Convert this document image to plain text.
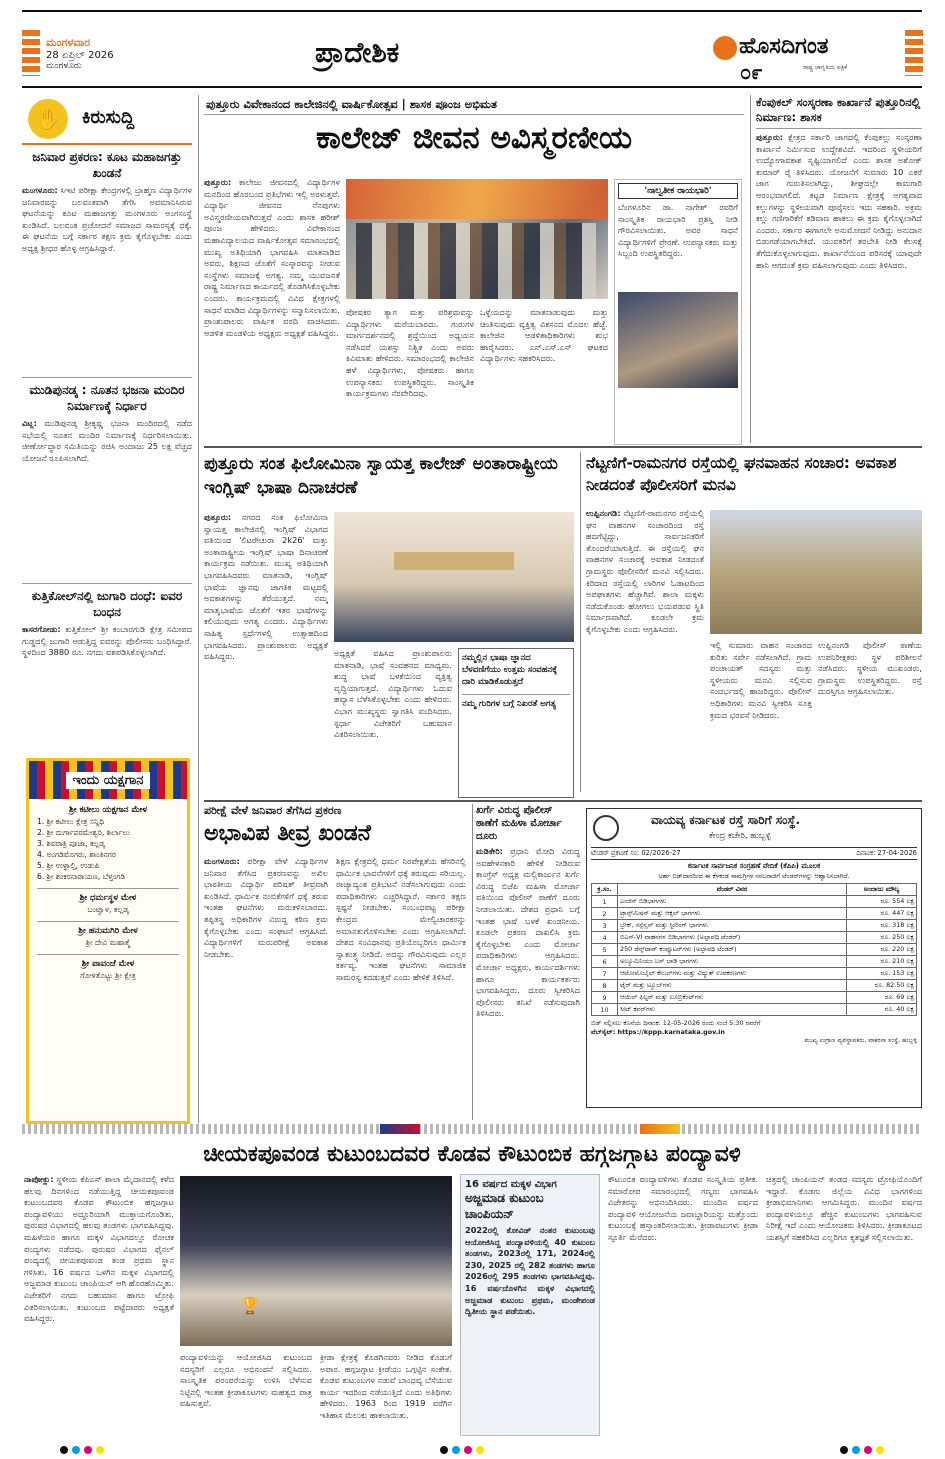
ಮಂಗಳವಾರ
28 ಏಪ್ರಿಲ್ 2026
ಮಂಗಳೂರು	ಪ್ರಾದೇಶಿಕ	ಹೊಸದಿಗಂತ
ರಾಷ್ಟ್ರ ಜಾಗೃತಿಯ ಪತ್ರಿಕೆ
೦೯
✋	ಕಿರುಸುದ್ದಿ
ಜನಿವಾರ ಪ್ರಕರಣ: ಕೂಟ ಮಹಾಜಗತ್ತು ಖಂಡನೆ
ಮಂಗಳೂರು: ಸಿಇಟಿ ಪರೀಕ್ಷಾ ಕೇಂದ್ರಗಳಲ್ಲಿ ಬ್ರಾಹ್ಮಣ ವಿದ್ಯಾರ್ಥಿಗಳ ಜನಿವಾರವನ್ನು ಬಲವಂತವಾಗಿ ತೆಗೆಸಿ ಅವಮಾನಿಸಿರುವ ಘಟನೆಯನ್ನು ಕೂಟ ಮಹಾಜಗತ್ತು ಮಂಗಳೂರು ಅಂಗಸಂಸ್ಥೆ ಖಂಡಿಸಿದೆ. ಬಲವಂತ ಪ್ರಚೋದನೆ ಸಮಾಜದ ಸಾಮರಸ್ಯಕ್ಕೆ ಧಕ್ಕೆ. ಈ ಘಟನೆಯ ಬಗ್ಗೆ ಸರ್ಕಾರ ತಕ್ಷಣ ಕ್ರಮ ಕೈಗೊಳ್ಳಬೇಕು ಎಂದು ಅಧ್ಯಕ್ಷ ಶ್ರೀಧರ ಹೊಳ್ಳ ಆಗ್ರಹಿಸಿದ್ದಾರೆ.
ಮುಡಿಪುನಡ್ಕ : ನೂತನ ಭಜನಾ ಮಂದಿರ ನಿರ್ಮಾಣಕ್ಕೆ ನಿರ್ಧಾರ
ವಿಟ್ಲ: ಮುಡಿಪುನಡ್ಕ ಶ್ರೀಕೃಷ್ಣ ಭಜನಾ ಮಂದಿರದಲ್ಲಿ ನಡೆದ ಸಭೆಯಲ್ಲಿ ನೂತನ ಮಂದಿರ ನಿರ್ಮಾಣಕ್ಕೆ ನಿರ್ಧರಿಸಲಾಯಿತು. ಜೀರ್ಣೋದ್ಧಾರ ಸಮಿತಿಯನ್ನು ರಚಿಸಿ ಅಂದಾಜು 25 ಲಕ್ಷ ವೆಚ್ಚದ ಯೋಜನೆ ರೂಪಿಸಲಾಗಿದೆ.
ಕುತ್ತಿಕೋಲ್‌ನಲ್ಲಿ ಜುಗಾರಿ ದಂಧೆ: ಐವರ ಬಂಧನ
ಕಾಸರಗೋಡು: ಕುತ್ತಿಕೋಲ್ ಶ್ರೀ ಕಂಬಾರಗುಡಿ ಕ್ಷೇತ್ರ ಸಮೀಪದ ಗುಡ್ಡದಲ್ಲಿ ಜುಗಾರಿ ಆಡುತ್ತಿದ್ದ ಐವರನ್ನು ಪೊಲೀಸರು ಬಂಧಿಸಿದ್ದಾರೆ. ಸ್ಥಳದಿಂದ 3880 ರೂ. ನಗದು ವಶಪಡಿಸಿಕೊಳ್ಳಲಾಗಿದೆ.
ಇಂದು ಯಕ್ಷಗಾನ
ಶ್ರೀ ಕಟೀಲು ಯಕ್ಷಗಾನ ಮೇಳ
1. ಶ್ರೀ ಕಟೀಲು ಕ್ಷೇತ್ರ ಸನ್ನಿಧಿ
2. ಶ್ರೀ ದುರ್ಗಾಪರಮೇಶ್ವರಿ, ಶಿರ್ಲಾಲು
3. ಶಿವರಾತ್ರಿ ಪೂಜಾ, ಕಲ್ಲಡ್ಕ
4. ಅಂಗಡಿಮೊಗರು, ಶಾಂತಿನಗರ
5. ಶ್ರೀ ಉಳ್ಳಾಲ್ತಿ, ಉಡುಪಿ
6. ಶ್ರೀ ಶಂಕರನಾರಾಯಣ, ಬೆಳ್ತಂಗಡಿ
ಶ್ರೀ ಧರ್ಮಸ್ಥಳ ಮೇಳ
ಬಂಟ್ವಾಳ, ಕಲ್ಲಡ್ಕ
ಶ್ರೀ ಹನುಮಗಿರಿ ಮೇಳ
ಶ್ರೀ ದೇವಿ ಮಹಾತ್ಮೆ
ಶ್ರೀ ಪಾವಂಜೆ ಮೇಳ
ಗೋಳಿತೊಟ್ಟು ಶ್ರೀ ಕ್ಷೇತ್ರ
ಪುತ್ತೂರು ವಿವೇಕಾನಂದ ಕಾಲೇಜಿನಲ್ಲಿ ವಾರ್ಷಿಕೋತ್ಸವ | ಶಾಸಕ ಪೂಂಜ ಅಭಿಮತ
ಕಾಲೇಜ್ ಜೀವನ ಅವಿಸ್ಮರಣೀಯ
ಪುತ್ತೂರು: ಕಾಲೇಜು ಜೀವನದಲ್ಲಿ ವಿದ್ಯಾರ್ಥಿಗಳ ಮನದಿಂದ ಹೊರಬಂದ ಪ್ರತಿಭೆಗಳು ಇಲ್ಲಿ ಅರಳುತ್ತವೆ. ವಿದ್ಯಾರ್ಥಿ ಜೀವನದ ನೆನಪುಗಳು ಅವಿಸ್ಮರಣೀಯವಾಗಿರುತ್ತವೆ ಎಂದು ಶಾಸಕ ಹರೀಶ್ ಪೂಂಜ ಹೇಳಿದರು. ವಿವೇಕಾನಂದ ಮಹಾವಿದ್ಯಾಲಯದ ವಾರ್ಷಿಕೋತ್ಸವ ಸಮಾರಂಭದಲ್ಲಿ ಮುಖ್ಯ ಅತಿಥಿಯಾಗಿ ಭಾಗವಹಿಸಿ ಮಾತನಾಡಿದ ಅವರು, ಶಿಕ್ಷಣದ ಜೊತೆಗೆ ಸಂಸ್ಕಾರವನ್ನು ನೀಡುವ ಸಂಸ್ಥೆಗಳು ಸಮಾಜಕ್ಕೆ ಅಗತ್ಯ. ನಮ್ಮ ಯುವಜನತೆ ರಾಷ್ಟ್ರ ನಿರ್ಮಾಣದ ಕಾರ್ಯದಲ್ಲಿ ತೊಡಗಿಸಿಕೊಳ್ಳಬೇಕು ಎಂದರು. ಕಾರ್ಯಕ್ರಮದಲ್ಲಿ ವಿವಿಧ ಕ್ಷೇತ್ರಗಳಲ್ಲಿ ಸಾಧನೆ ಮಾಡಿದ ವಿದ್ಯಾರ್ಥಿಗಳನ್ನು ಸನ್ಮಾನಿಸಲಾಯಿತು. ಪ್ರಾಂಶುಪಾಲರು ವಾರ್ಷಿಕ ವರದಿ ವಾಚಿಸಿದರು. ಆಡಳಿತ ಮಂಡಳಿಯ ಅಧ್ಯಕ್ಷರು ಅಧ್ಯಕ್ಷತೆ ವಹಿಸಿದ್ದರು.
ಪೋಷಕರ ತ್ಯಾಗ ಮತ್ತು ಪರಿಶ್ರಮವನ್ನು ವಿದ್ಯಾರ್ಥಿಗಳು ಮರೆಯಬಾರದು. ಗುರುಗಳ ಮಾರ್ಗದರ್ಶನದಲ್ಲಿ ಶ್ರದ್ಧೆಯಿಂದ ಅಧ್ಯಯನ ನಡೆಸಿದರೆ ಯಶಸ್ಸು ನಿಶ್ಚಿತ ಎಂದು ಅವರು ಕಿವಿಮಾತು ಹೇಳಿದರು. ಸಮಾರಂಭದಲ್ಲಿ ಕಾಲೇಜಿನ ಹಳೆ ವಿದ್ಯಾರ್ಥಿಗಳು, ಪೋಷಕರು ಹಾಗೂ ಉಪನ್ಯಾಸಕರು ಉಪಸ್ಥಿತರಿದ್ದರು. ಸಾಂಸ್ಕೃತಿಕ ಕಾರ್ಯಕ್ರಮಗಳು ನೆರವೇರಿದವು.
ಒಳ್ಳೆಯದನ್ನು ಮಾತನಾಡುವುದು ಮತ್ತು ಚಿಂತಿಸುವುದು ವ್ಯಕ್ತಿತ್ವ ವಿಕಸನದ ಮೊದಲ ಹೆಜ್ಜೆ. ಕಾಲೇಜಿನ ಆಡಳಿತಾಧಿಕಾರಿಗಳು ಶುಭ ಹಾರೈಸಿದರು. ಎನ್.ಎಸ್.ಎಸ್ ಘಟಕದ ವಿದ್ಯಾರ್ಥಿಗಳು ಸಹಕರಿಸಿದರು.
'ನಾಲ್ವತೀಕ ರಾಯಭಾರಿ'
ಬೆಂಗಳೂರಿನ ಡಾ. ನಾಗೇಶ್ ರವರಿಗೆ ಸಾಂಸ್ಕೃತಿಕ ರಾಯಭಾರಿ ಪ್ರಶಸ್ತಿ ನೀಡಿ ಗೌರವಿಸಲಾಯಿತು. ಅವರ ಸಾಧನೆ ವಿದ್ಯಾರ್ಥಿಗಳಿಗೆ ಪ್ರೇರಣೆ. ಉಪನ್ಯಾಸಕರು ಮತ್ತು ಸಿಬ್ಬಂದಿ ಉಪಸ್ಥಿತರಿದ್ದರು.
ಕೆಂಪುಕಲ್ ಸಂಸ್ಕರಣಾ ಕಾರ್ಖಾನೆ ಪುತ್ತೂರಿನಲ್ಲಿ ನಿರ್ಮಾಣ: ಶಾಸಕ
ಪುತ್ತೂರು: ಕ್ಷೇತ್ರದ ಸರ್ಕಾರಿ ಜಾಗದಲ್ಲಿ ಕೆಂಪುಕಲ್ಲು ಸಂಸ್ಕರಣಾ ಕಾರ್ಖಾನೆ ನಿರ್ಮಿಸುವ ಉದ್ದೇಶವಿದೆ. ಇದರಿಂದ ಸ್ಥಳೀಯರಿಗೆ ಉದ್ಯೋಗಾವಕಾಶ ಸೃಷ್ಟಿಯಾಗಲಿದೆ ಎಂದು ಶಾಸಕ ಅಶೋಕ್ ಕುಮಾರ್ ರೈ ತಿಳಿಸಿದರು. ಯೋಜನೆಗೆ ಸುಮಾರು 10 ಎಕರೆ ಜಾಗ ಗುರುತಿಸಲಾಗಿದ್ದು, ಶೀಘ್ರದಲ್ಲೇ ಕಾಮಗಾರಿ ಆರಂಭವಾಗಲಿದೆ. ಕಟ್ಟಡ ನಿರ್ಮಾಣ ಕ್ಷೇತ್ರಕ್ಕೆ ಅಗತ್ಯವಾದ ಕಲ್ಲುಗಳನ್ನು ಸ್ಥಳೀಯವಾಗಿ ಪೂರೈಸಲು ಇದು ಸಹಕಾರಿ. ಅಕ್ರಮ ಕಲ್ಲು ಗಣಿಗಾರಿಕೆಗೆ ಕಡಿವಾಣ ಹಾಕಲು ಈ ಕ್ರಮ ಕೈಗೊಳ್ಳಲಾಗಿದೆ ಎಂದರು. ಸರ್ಕಾರ ಈಗಾಗಲೇ ಅನುಮೋದನೆ ನೀಡಿದ್ದು ಅನುದಾನ ಬಿಡುಗಡೆಯಾಗಬೇಕಿದೆ. ಯುವಕರಿಗೆ ತರಬೇತಿ ನೀಡಿ ಕೆಲಸಕ್ಕೆ ತೆಗೆದುಕೊಳ್ಳಲಾಗುವುದು. ಕಾರ್ಖಾನೆಯಿಂದ ಪರಿಸರಕ್ಕೆ ಯಾವುದೇ ಹಾನಿ ಆಗದಂತೆ ಕ್ರಮ ವಹಿಸಲಾಗುವುದು ಎಂದು ತಿಳಿಸಿದರು.
ಪುತ್ತೂರು ಸಂತ ಫಿಲೋಮಿನಾ ಸ್ವಾಯತ್ತ ಕಾಲೇಜ್ ಅಂತಾರಾಷ್ಟ್ರೀಯ ಇಂಗ್ಲಿಷ್ ಭಾಷಾ ದಿನಾಚರಣೆ
ಪುತ್ತೂರು: ನಗರದ ಸಂತ ಫಿಲೋಮಿನಾ ಸ್ವಾಯತ್ತ ಕಾಲೇಜಿನಲ್ಲಿ ಇಂಗ್ಲಿಷ್ ವಿಭಾಗದ ವತಿಯಿಂದ 'ಲಿಟರೇಚುರಾ 2k26' ಮತ್ತು ಅಂತಾರಾಷ್ಟ್ರೀಯ ಇಂಗ್ಲಿಷ್ ಭಾಷಾ ದಿನಾಚರಣೆ ಕಾರ್ಯಕ್ರಮ ನಡೆಯಿತು. ಮುಖ್ಯ ಅತಿಥಿಯಾಗಿ ಭಾಗವಹಿಸಿದವರು ಮಾತನಾಡಿ, ಇಂಗ್ಲಿಷ್ ಭಾಷೆಯ ಜ್ಞಾನವು ಜಾಗತಿಕ ಮಟ್ಟದಲ್ಲಿ ಅವಕಾಶಗಳನ್ನು ತೆರೆಯುತ್ತದೆ. ನಮ್ಮ ಮಾತೃಭಾಷೆಯ ಜೊತೆಗೆ ಇತರ ಭಾಷೆಗಳನ್ನು ಕಲಿಯುವುದು ಅಗತ್ಯ ಎಂದರು. ವಿದ್ಯಾರ್ಥಿಗಳು ಸಾಹಿತ್ಯ ಸ್ಪರ್ಧೆಗಳಲ್ಲಿ ಉತ್ಸಾಹದಿಂದ ಭಾಗವಹಿಸಿದರು. ಪ್ರಾಂಶುಪಾಲರು ಅಧ್ಯಕ್ಷತೆ ವಹಿಸಿದ್ದರು.	ಅಧ್ಯಕ್ಷತೆ ವಹಿಸಿದ ಪ್ರಾಂಶುಪಾಲರು ಮಾತನಾಡಿ, ಭಾಷೆ ಸಂವಹನದ ಮಾಧ್ಯಮ. ಶುದ್ಧ ಭಾಷೆ ಬಳಕೆಯಿಂದ ವ್ಯಕ್ತಿತ್ವ ವೃದ್ಧಿಯಾಗುತ್ತದೆ. ವಿದ್ಯಾರ್ಥಿಗಳು ಓದುವ ಹವ್ಯಾಸ ಬೆಳೆಸಿಕೊಳ್ಳಬೇಕು ಎಂದು ಹೇಳಿದರು. ವಿಭಾಗ ಮುಖ್ಯಸ್ಥರು ಸ್ವಾಗತಿಸಿ ವಂದಿಸಿದರು. ಸ್ಪರ್ಧಾ ವಿಜೇತರಿಗೆ ಬಹುಮಾನ ವಿತರಿಸಲಾಯಿತು.
ನಮ್ಮಲ್ಲಿನ ಭಾಷಾ ಜ್ಞಾನದ ಬೆಳವಣಿಗೆಯು ಉತ್ತಮ ಸಂವಹನಕ್ಕೆ ದಾರಿ ಮಾಡಿಕೊಡುತ್ತದೆ
ನಮ್ಮ ಗುರಿಗಳ ಬಗ್ಗೆ ನಿಖರತೆ ಅಗತ್ಯ
ನೆಟ್ಟಣಿಗೆ-ರಾಮನಗರ ರಸ್ತೆಯಲ್ಲಿ ಘನವಾಹನ ಸಂಚಾರ: ಅವಕಾಶ ನೀಡದಂತೆ ಪೊಲೀಸರಿಗೆ ಮನವಿ
ಉಪ್ಪಿನಂಗಡಿ: ನೆಟ್ಟಣಿಗೆ-ರಾಮನಗರ ರಸ್ತೆಯಲ್ಲಿ ಘನ ವಾಹನಗಳ ಸಂಚಾರದಿಂದ ರಸ್ತೆ ಹದಗೆಟ್ಟಿದ್ದು, ಸಾರ್ವಜನಿಕರಿಗೆ ತೊಂದರೆಯಾಗುತ್ತಿದೆ. ಈ ರಸ್ತೆಯಲ್ಲಿ ಘನ ವಾಹನಗಳ ಸಂಚಾರಕ್ಕೆ ಅವಕಾಶ ನೀಡದಂತೆ ಗ್ರಾಮಸ್ಥರು ಪೊಲೀಸರಿಗೆ ಮನವಿ ಸಲ್ಲಿಸಿದರು. ಕಿರಿದಾದ ರಸ್ತೆಯಲ್ಲಿ ಲಾರಿಗಳ ಓಡಾಟದಿಂದ ಅಪಘಾತಗಳು ಹೆಚ್ಚಾಗಿವೆ. ಶಾಲಾ ಮಕ್ಕಳು ನಡೆದುಕೊಂಡು ಹೋಗಲು ಭಯಪಡುವ ಸ್ಥಿತಿ ನಿರ್ಮಾಣವಾಗಿದೆ. ಕೂಡಲೇ ಕ್ರಮ ಕೈಗೊಳ್ಳಬೇಕು ಎಂದು ಆಗ್ರಹಿಸಿದರು.
ಇಲ್ಲಿ ಸುಮಾರು ವಾಹನ ಸಂಚಾರದ ಕುರಿತು ಸರ್ವೇ ನಡೆಸಲಾಗಿದೆ. ಗ್ರಾಮ ಪಂಚಾಯತ್ ಸದಸ್ಯರು ಮತ್ತು ಸ್ಥಳೀಯರು ಮನವಿ ಸಲ್ಲಿಸುವ ಸಂದರ್ಭದಲ್ಲಿ ಹಾಜರಿದ್ದರು. ಪೊಲೀಸ್ ಅಧಿಕಾರಿಗಳು ಮನವಿ ಸ್ವೀಕರಿಸಿ ಸೂಕ್ತ ಕ್ರಮದ ಭರವಸೆ ನೀಡಿದರು.
ಉಪ್ಪಿನಂಗಡಿ ಪೊಲೀಸ್ ಠಾಣೆಯ ಉಪನಿರೀಕ್ಷಕರು ಸ್ಥಳ ಪರಿಶೀಲನೆ ನಡೆಸಿದರು. ಸ್ಥಳೀಯ ಮುಖಂಡರು, ಗ್ರಾಮಸ್ಥರು ಉಪಸ್ಥಿತರಿದ್ದರು. ರಸ್ತೆ ದುರಸ್ತಿಗೂ ಆಗ್ರಹಿಸಲಾಯಿತು.
ಪರೀಕ್ಷೆ ವೇಳೆ ಜನಿವಾರ ತೆಗೆಸಿದ ಪ್ರಕರಣ
ಅಭಾವಿಪ ತೀವ್ರ ಖಂಡನೆ
ಮಂಗಳೂರು: ಪರೀಕ್ಷಾ ವೇಳೆ ವಿದ್ಯಾರ್ಥಿಗಳ ಜನಿವಾರ ತೆಗೆಸಿದ ಪ್ರಕರಣವನ್ನು ಅಖಿಲ ಭಾರತೀಯ ವಿದ್ಯಾರ್ಥಿ ಪರಿಷತ್ ತೀವ್ರವಾಗಿ ಖಂಡಿಸಿದೆ. ಧಾರ್ಮಿಕ ನಂಬಿಕೆಗಳಿಗೆ ಧಕ್ಕೆ ತರುವ ಇಂತಹ ಘಟನೆಗಳು ಮರುಕಳಿಸಬಾರದು. ತಪ್ಪಿತಸ್ಥ ಅಧಿಕಾರಿಗಳ ವಿರುದ್ಧ ಕಠಿಣ ಕ್ರಮ ಕೈಗೊಳ್ಳಬೇಕು ಎಂದು ಸಂಘಟನೆ ಆಗ್ರಹಿಸಿದೆ. ವಿದ್ಯಾರ್ಥಿಗಳಿಗೆ ಮರುಪರೀಕ್ಷೆ ಅವಕಾಶ ನೀಡಬೇಕು.
ಶಿಕ್ಷಣ ಕ್ಷೇತ್ರದಲ್ಲಿ ಧರ್ಮ ನಿರಪೇಕ್ಷತೆಯ ಹೆಸರಿನಲ್ಲಿ ಧಾರ್ಮಿಕ ಭಾವನೆಗಳಿಗೆ ಧಕ್ಕೆ ತರುವುದು ಸರಿಯಲ್ಲ. ರಾಜ್ಯಾದ್ಯಂತ ಪ್ರತಿಭಟನೆ ನಡೆಸಲಾಗುವುದು ಎಂದು ಪದಾಧಿಕಾರಿಗಳು ಎಚ್ಚರಿಸಿದ್ದಾರೆ. ಸರ್ಕಾರ ತಕ್ಷಣ ಸ್ಪಷ್ಟನೆ ನೀಡಬೇಕು. ಸಂಬಂಧಪಟ್ಟ ಪರೀಕ್ಷಾ ಕೇಂದ್ರದ ಮೇಲ್ವಿಚಾರಕರನ್ನು ಅಮಾನತುಗೊಳಿಸಬೇಕು ಎಂದು ಆಗ್ರಹಿಸಲಾಗಿದೆ. ದೇಶದ ಸಂವಿಧಾನವು ಪ್ರತಿಯೊಬ್ಬರಿಗೂ ಧಾರ್ಮಿಕ ಸ್ವಾತಂತ್ರ್ಯ ನೀಡಿದೆ. ಅದನ್ನು ಗೌರವಿಸುವುದು ಎಲ್ಲರ ಕರ್ತವ್ಯ. ಇಂತಹ ಘಟನೆಗಳು ಸಾಮಾಜಿಕ ಸಾಮರಸ್ಯ ಕದಡುತ್ತವೆ ಎಂದು ಹೇಳಿಕೆ ತಿಳಿಸಿದೆ.
ಖರ್ಗೆ ವಿರುದ್ಧ ಪೊಲೀಸ್
ಠಾಣೆಗೆ ಮಹಿಳಾ ಮೋರ್ಚಾ ದೂರು
ಮಡಿಕೇರಿ: ಪ್ರಧಾನಿ ಮೋದಿ ವಿರುದ್ಧ ಅವಹೇಳನಕಾರಿ ಹೇಳಿಕೆ ನೀಡಿರುವ ಕಾಂಗ್ರೆಸ್ ಅಧ್ಯಕ್ಷ ಮಲ್ಲಿಕಾರ್ಜುನ ಖರ್ಗೆ ವಿರುದ್ಧ ಬಿಜೆಪಿ ಮಹಿಳಾ ಮೋರ್ಚಾ ವತಿಯಿಂದ ಪೊಲೀಸ್ ಠಾಣೆಗೆ ದೂರು ನೀಡಲಾಯಿತು. ದೇಶದ ಪ್ರಧಾನಿ ಬಗ್ಗೆ ಇಂತಹ ಭಾಷೆ ಬಳಕೆ ಖಂಡನೀಯ. ಕೂಡಲೇ ಪ್ರಕರಣ ದಾಖಲಿಸಿ ಕ್ರಮ ಕೈಗೊಳ್ಳಬೇಕು ಎಂದು ಮೋರ್ಚಾ ಪದಾಧಿಕಾರಿಗಳು ಆಗ್ರಹಿಸಿದರು. ಮೋರ್ಚಾ ಅಧ್ಯಕ್ಷರು, ಕಾರ್ಯದರ್ಶಿಗಳು ಹಾಗೂ ಕಾರ್ಯಕರ್ತರು ಭಾಗವಹಿಸಿದ್ದರು. ದೂರು ಸ್ವೀಕರಿಸಿದ ಪೊಲೀಸರು ತನಿಖೆ ನಡೆಸುವುದಾಗಿ ತಿಳಿಸಿದರು.
ವಾಯವ್ಯ ಕರ್ನಾಟಕ ರಸ್ತೆ ಸಾರಿಗೆ ಸಂಸ್ಥೆ.
ಕೇಂದ್ರ ಕಚೇರಿ, ಹುಬ್ಬಳ್ಳಿ
ಟೆಂಡರ್ ಪ್ರಕಟಣೆ ಸಂ: 02/2026-27	ದಿನಾಂಕ: 27-04-2026
ಕರ್ನಾಟಕ ಸಾರ್ವಜನಿಕ ಸಂಗ್ರಹಣೆ ವೇದಿಕೆ (ಕೆಪಿಪಿ) ಮೂಲಕ
ಅರ್ಹ ಬಿಡ್‌ದಾರರಿಂದ ಈ ಕೆಳಕಂಡ ಸಾಮಗ್ರಿಗಳ ಸರಬರಾಜಿಗೆ ಟೆಂಡರ್‌ಗಳನ್ನು ಆಹ್ವಾನಿಸಲಾಗಿದೆ.
ಕ್ರ.ಸಂ.	ಟೆಂಡರ್ ವಿವರ	ಅಂದಾಜು ಮೌಲ್ಯ
1	ಎಂಜಿನ್ ಬಿಡಿಭಾಗಗಳು	ರೂ. 554 ಲಕ್ಷ
2	ಟ್ರಾನ್ಸ್‌ಮಿಷನ್ ಮತ್ತು ಆಕ್ಸಲ್ ಭಾಗಗಳು	ರೂ. 447 ಲಕ್ಷ
3	ಬ್ರೇಕ್, ಸಸ್ಪೆನ್ಷನ್ ಮತ್ತು ಸ್ಟೀರಿಂಗ್ ಭಾಗಗಳು	ರೂ. 318 ಲಕ್ಷ
4	ಬಿಎಸ್-VI ವಾಹನಗಳ ಬಿಡಿಭಾಗಗಳು (ಅಲ್ಪಾವಧಿ ಟೆಂಡರ್)	ರೂ. 250 ಲಕ್ಷ
5	250 ಡೆಸ್ಕ್‌ಟಾಪ್ ಕಂಪ್ಯೂಟರ್‌ಗಳು (ಅಲ್ಪಾವಧಿ ಟೆಂಡರ್)	ರೂ. 220 ಲಕ್ಷ
6	ಅಲ್ಯೂಮಿನಿಯಂ ಬಸ್ ಬಾಡಿ ಭಾಗಗಳು	ರೂ. 210 ಲಕ್ಷ
7	ಆಟೋಮೊಬೈಲ್ ಕೇಬಲ್‌ಗಳು ಮತ್ತು ವಿದ್ಯುತ್ ಉಪಕರಣಗಳು	ರೂ. 153 ಲಕ್ಷ
8	ಟೈರ್ ಮತ್ತು ಟ್ಯೂಬ್‌ಗಳು	ರೂ. 82.50 ಲಕ್ಷ
9	ಆಯಿಲ್ ಫಿಲ್ಟರ್ ಮತ್ತು ಲೂಬ್ರಿಕೆಂಟ್‌ಗಳು	ರೂ. 69 ಲಕ್ಷ
10	ಸೀಟ್ ಕವರ್‌ಗಳು	ರೂ. 40 ಲಕ್ಷ
ಬಿಡ್ ಸಲ್ಲಿಸಲು ಕೊನೆಯ ದಿನಾಂಕ: 12-05-2026 ರಂದು ಸಂಜೆ 5:30 ರವರೆಗೆ
ವೆಬ್‌ಸೈಟ್: https://kppp.karnataka.gov.in
ಮುಖ್ಯ ಉಗ್ರಾಣ ವ್ಯವಸ್ಥಾಪಕರು, ವಾಕರಸಾ ಸಂಸ್ಥೆ, ಹುಬ್ಬಳ್ಳಿ
ಚೀಯಕಪೂವಂಡ ಕುಟುಂಬದವರ ಕೊಡವ ಕೌಟುಂಬಿಕ ಹಗ್ಗಜಗ್ಗಾಟ ಪಂದ್ಯಾವಳಿ
ನಾಪೋಕ್ಲು: ಸ್ಥಳೀಯ ಕೆಪಿಎಸ್ ಶಾಲಾ ಮೈದಾನದಲ್ಲಿ ಕಳೆದ ಹಲವು ದಿನಗಳಿಂದ ನಡೆಯುತ್ತಿದ್ದ ಚೀಯಕಪೂವಂಡ ಕುಟುಂಬದವರ ಕೊಡವ ಕೌಟುಂಬಿಕ ಹಗ್ಗಜಗ್ಗಾಟ ಪಂದ್ಯಾವಳಿಯು ಅದ್ದೂರಿಯಾಗಿ ಮುಕ್ತಾಯಗೊಂಡಿತು. ಪುರುಷರ ವಿಭಾಗದಲ್ಲಿ ಹಲವು ತಂಡಗಳು ಭಾಗವಹಿಸಿದ್ದವು. ಮಹಿಳೆಯರ ಹಾಗೂ ಮಕ್ಕಳ ವಿಭಾಗದಲ್ಲೂ ರೋಚಕ ಪಂದ್ಯಗಳು ನಡೆದವು. ಪುರುಷರ ವಿಭಾಗದ ಫೈನಲ್ ಪಂದ್ಯದಲ್ಲಿ ಚೀಯಕಪೂವಂಡ ತಂಡ ಪ್ರಥಮ ಸ್ಥಾನ ಗಳಿಸಿತು. 16 ವರ್ಷದ ಒಳಗಿನ ಮಕ್ಕಳ ವಿಭಾಗದಲ್ಲಿ ಅಜ್ಜಮಾಡ ಕುಟುಂಬ ಚಾಂಪಿಯನ್ ಆಗಿ ಹೊರಹೊಮ್ಮಿತು. ವಿಜೇತರಿಗೆ ನಗದು ಬಹುಮಾನ ಹಾಗೂ ಟ್ರೋಫಿ ವಿತರಿಸಲಾಯಿತು. ಕುಟುಂಬದ ಪಟ್ಟೆದಾರರು ಅಧ್ಯಕ್ಷತೆ ವಹಿಸಿದ್ದರು.
🏆
ಪಂದ್ಯಾವಳಿಯನ್ನು ಆಯೋಜಿಸಿದ ಕುಟುಂಬದ ಸದಸ್ಯರಿಗೆ ಎಲ್ಲರೂ ಅಭಿನಂದನೆ ಸಲ್ಲಿಸಿದರು. ಸಾಂಸ್ಕೃತಿಕ ಪರಂಪರೆಯನ್ನು ಉಳಿಸಿ ಬೆಳೆಸುವ ನಿಟ್ಟಿನಲ್ಲಿ ಇಂತಹ ಕ್ರೀಡಾಕೂಟಗಳು ಮಹತ್ವದ ಪಾತ್ರ ವಹಿಸುತ್ತವೆ.
ಕ್ರೀಡಾ ಕ್ಷೇತ್ರಕ್ಕೆ ಕೊಡಗಿನವರು ನೀಡಿದ ಕೊಡುಗೆ ಅಪಾರ. ಹಗ್ಗಜಗ್ಗಾಟ ಕ್ರೀಡೆಯು ಒಗ್ಗಟ್ಟಿನ ಸಂಕೇತ. ಕೊಡವ ಕುಟುಂಬಗಳ ನಡುವೆ ಬಾಂಧವ್ಯ ಬೆಸೆಯುವ ಕಾರ್ಯ ಇದರಿಂದ ನಡೆಯುತ್ತಿದೆ ಎಂದು ಅತಿಥಿಗಳು ಹೇಳಿದರು. 1963 ರಿಂದ 1919 ವರೆಗಿನ ಇತಿಹಾಸ ಮೆಲುಕು ಹಾಕಲಾಯಿತು.
16 ವರ್ಷದ ಮಕ್ಕಳ ವಿಭಾಗ
ಅಜ್ಜಮಾಡ ಕುಟುಂಬ ಚಾಂಪಿಯನ್
2022ರಲ್ಲಿ ಕೋವಿಡ್ ನಂತರ ಕುಟುಂಬವು ಆಯೋಜಿಸಿದ್ದ ಪಂದ್ಯಾವಳಿಯಲ್ಲಿ 40 ಕುಟುಂಬ ತಂಡಗಳು, 2023ರಲ್ಲಿ 171, 2024ರಲ್ಲಿ 230, 2025 ರಲ್ಲಿ 282 ತಂಡಗಳು ಹಾಗೂ 2026ರಲ್ಲಿ 295 ತಂಡಗಳು ಭಾಗವಹಿಸಿದ್ದವು. 16 ವರ್ಷದೊಳಗಿನ ಮಕ್ಕಳ ವಿಭಾಗದಲ್ಲಿ ಅಜ್ಜಮಾಡ ಕುಟುಂಬ ಪ್ರಥಮ, ಮಂಡೇಪಂಡ ದ್ವಿತೀಯ ಸ್ಥಾನ ಪಡೆಯಿತು.
ಕೌಟುಂಬಿಕ ಪಂದ್ಯಾವಳಿಗಳು ಕೊಡವ ಸಂಸ್ಕೃತಿಯ ಪ್ರತೀಕ. ಸಮಾರೋಪ ಸಮಾರಂಭದಲ್ಲಿ ಗಣ್ಯರು ಭಾಗವಹಿಸಿ ವಿಜೇತರನ್ನು ಅಭಿನಂದಿಸಿದರು. ಮುಂದಿನ ವರ್ಷದ ಪಂದ್ಯಾವಳಿ ಆಯೋಜನೆಯ ಜವಾಬ್ದಾರಿಯನ್ನು ಮತ್ತೊಂದು ಕುಟುಂಬಕ್ಕೆ ಹಸ್ತಾಂತರಿಸಲಾಯಿತು. ಕ್ರೀಡಾಪಟುಗಳು ಕ್ರೀಡಾ ಸ್ಫೂರ್ತಿ ಮೆರೆದರು.
ಚಿತ್ರದಲ್ಲಿ ಚಾಂಪಿಯನ್ ತಂಡದ ಸದಸ್ಯರು ಟ್ರೋಫಿಯೊಂದಿಗೆ ಇದ್ದಾರೆ. ಕೊಡಗು ಜಿಲ್ಲೆಯ ವಿವಿಧ ಭಾಗಗಳಿಂದ ಕ್ರೀಡಾಭಿಮಾನಿಗಳು ಆಗಮಿಸಿದ್ದರು. ಮುಂದಿನ ವರ್ಷದ ಪಂದ್ಯಾವಳಿಯಲ್ಲೂ ಹೆಚ್ಚಿನ ಕುಟುಂಬಗಳು ಭಾಗವಹಿಸುವ ನಿರೀಕ್ಷೆ ಇದೆ ಎಂದು ಆಯೋಜಕರು ತಿಳಿಸಿದರು. ಕ್ರೀಡಾಕೂಟದ ಯಶಸ್ಸಿಗೆ ಸಹಕರಿಸಿದ ಎಲ್ಲರಿಗೂ ಕೃತಜ್ಞತೆ ಸಲ್ಲಿಸಲಾಯಿತು.
